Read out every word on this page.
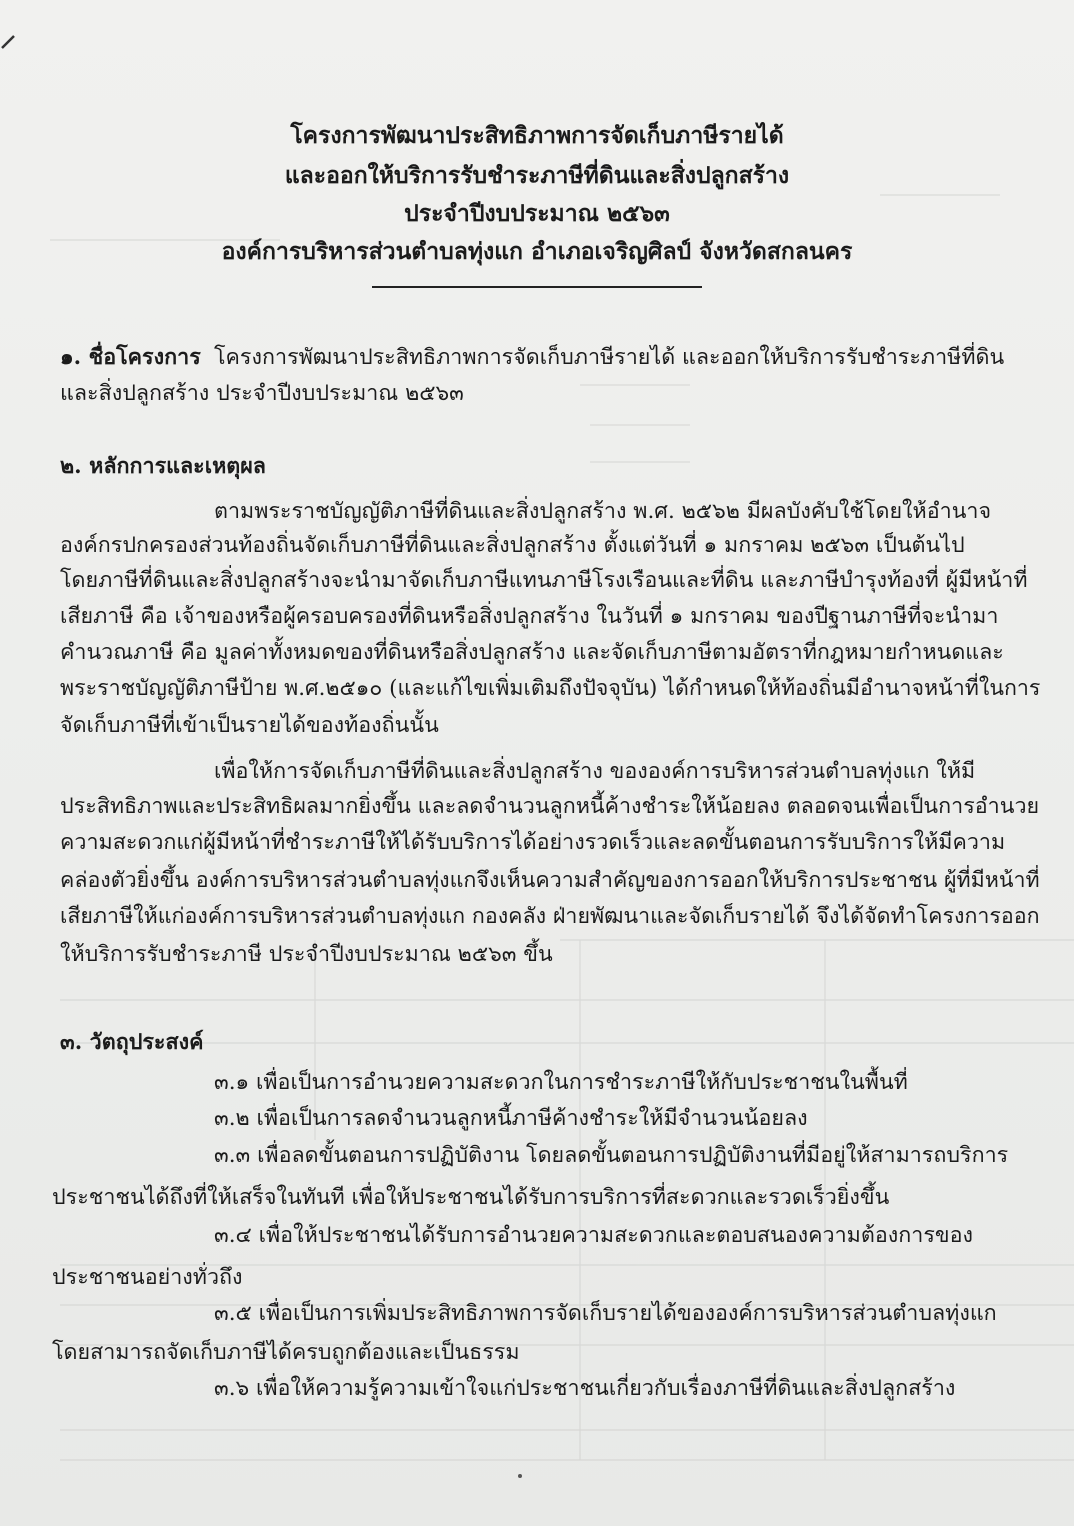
โครงการพัฒนาประสิทธิภาพการจัดเก็บภาษีรายได้
และออกให้บริการรับชำระภาษีที่ดินและสิ่งปลูกสร้าง
ประจำปีงบประมาณ ๒๕๖๓
องค์การบริหารส่วนตำบลทุ่งแก อำเภอเจริญศิลป์ จังหวัดสกลนคร
๑. ชื่อโครงการ โครงการพัฒนาประสิทธิภาพการจัดเก็บภาษีรายได้ และออกให้บริการรับชำระภาษีที่ดิน
และสิ่งปลูกสร้าง ประจำปีงบประมาณ ๒๕๖๓
๒. หลักการและเหตุผล
ตามพระราชบัญญัติภาษีที่ดินและสิ่งปลูกสร้าง พ.ศ. ๒๕๖๒ มีผลบังคับใช้โดยให้อำนาจ
องค์กรปกครองส่วนท้องถิ่นจัดเก็บภาษีที่ดินและสิ่งปลูกสร้าง ตั้งแต่วันที่ ๑ มกราคม ๒๕๖๓ เป็นต้นไป
โดยภาษีที่ดินและสิ่งปลูกสร้างจะนำมาจัดเก็บภาษีแทนภาษีโรงเรือนและที่ดิน และภาษีบำรุงท้องที่ ผู้มีหน้าที่
เสียภาษี คือ เจ้าของหรือผู้ครอบครองที่ดินหรือสิ่งปลูกสร้าง ในวันที่ ๑ มกราคม ของปีฐานภาษีที่จะนำมา
คำนวณภาษี คือ มูลค่าทั้งหมดของที่ดินหรือสิ่งปลูกสร้าง และจัดเก็บภาษีตามอัตราที่กฎหมายกำหนดและ
พระราชบัญญัติภาษีป้าย พ.ศ.๒๕๑๐ (และแก้ไขเพิ่มเติมถึงปัจจุบัน) ได้กำหนดให้ท้องถิ่นมีอำนาจหน้าที่ในการ
จัดเก็บภาษีที่เข้าเป็นรายได้ของท้องถิ่นนั้น
เพื่อให้การจัดเก็บภาษีที่ดินและสิ่งปลูกสร้าง ขององค์การบริหารส่วนตำบลทุ่งแก ให้มี
ประสิทธิภาพและประสิทธิผลมากยิ่งขึ้น และลดจำนวนลูกหนี้ค้างชำระให้น้อยลง ตลอดจนเพื่อเป็นการอำนวย
ความสะดวกแก่ผู้มีหน้าที่ชำระภาษีให้ได้รับบริการได้อย่างรวดเร็วและลดขั้นตอนการรับบริการให้มีความ
คล่องตัวยิ่งขึ้น องค์การบริหารส่วนตำบลทุ่งแกจึงเห็นความสำคัญของการออกให้บริการประชาชน ผู้ที่มีหน้าที่
เสียภาษีให้แก่องค์การบริหารส่วนตำบลทุ่งแก กองคลัง ฝ่ายพัฒนาและจัดเก็บรายได้ จึงได้จัดทำโครงการออก
ให้บริการรับชำระภาษี ประจำปีงบประมาณ ๒๕๖๓ ขึ้น
๓. วัตถุประสงค์
๓.๑ เพื่อเป็นการอำนวยความสะดวกในการชำระภาษีให้กับประชาชนในพื้นที่
๓.๒ เพื่อเป็นการลดจำนวนลูกหนี้ภาษีค้างชำระให้มีจำนวนน้อยลง
๓.๓ เพื่อลดขั้นตอนการปฏิบัติงาน โดยลดขั้นตอนการปฏิบัติงานที่มีอยู่ให้สามารถบริการ
ประชาชนได้ถึงที่ให้เสร็จในทันที เพื่อให้ประชาชนได้รับการบริการที่สะดวกและรวดเร็วยิ่งขึ้น
๓.๔ เพื่อให้ประชาชนได้รับการอำนวยความสะดวกและตอบสนองความต้องการของ
ประชาชนอย่างทั่วถึง
๓.๕ เพื่อเป็นการเพิ่มประสิทธิภาพการจัดเก็บรายได้ขององค์การบริหารส่วนตำบลทุ่งแก
โดยสามารถจัดเก็บภาษีได้ครบถูกต้องและเป็นธรรม
๓.๖ เพื่อให้ความรู้ความเข้าใจแก่ประชาชนเกี่ยวกับเรื่องภาษีที่ดินและสิ่งปลูกสร้าง
